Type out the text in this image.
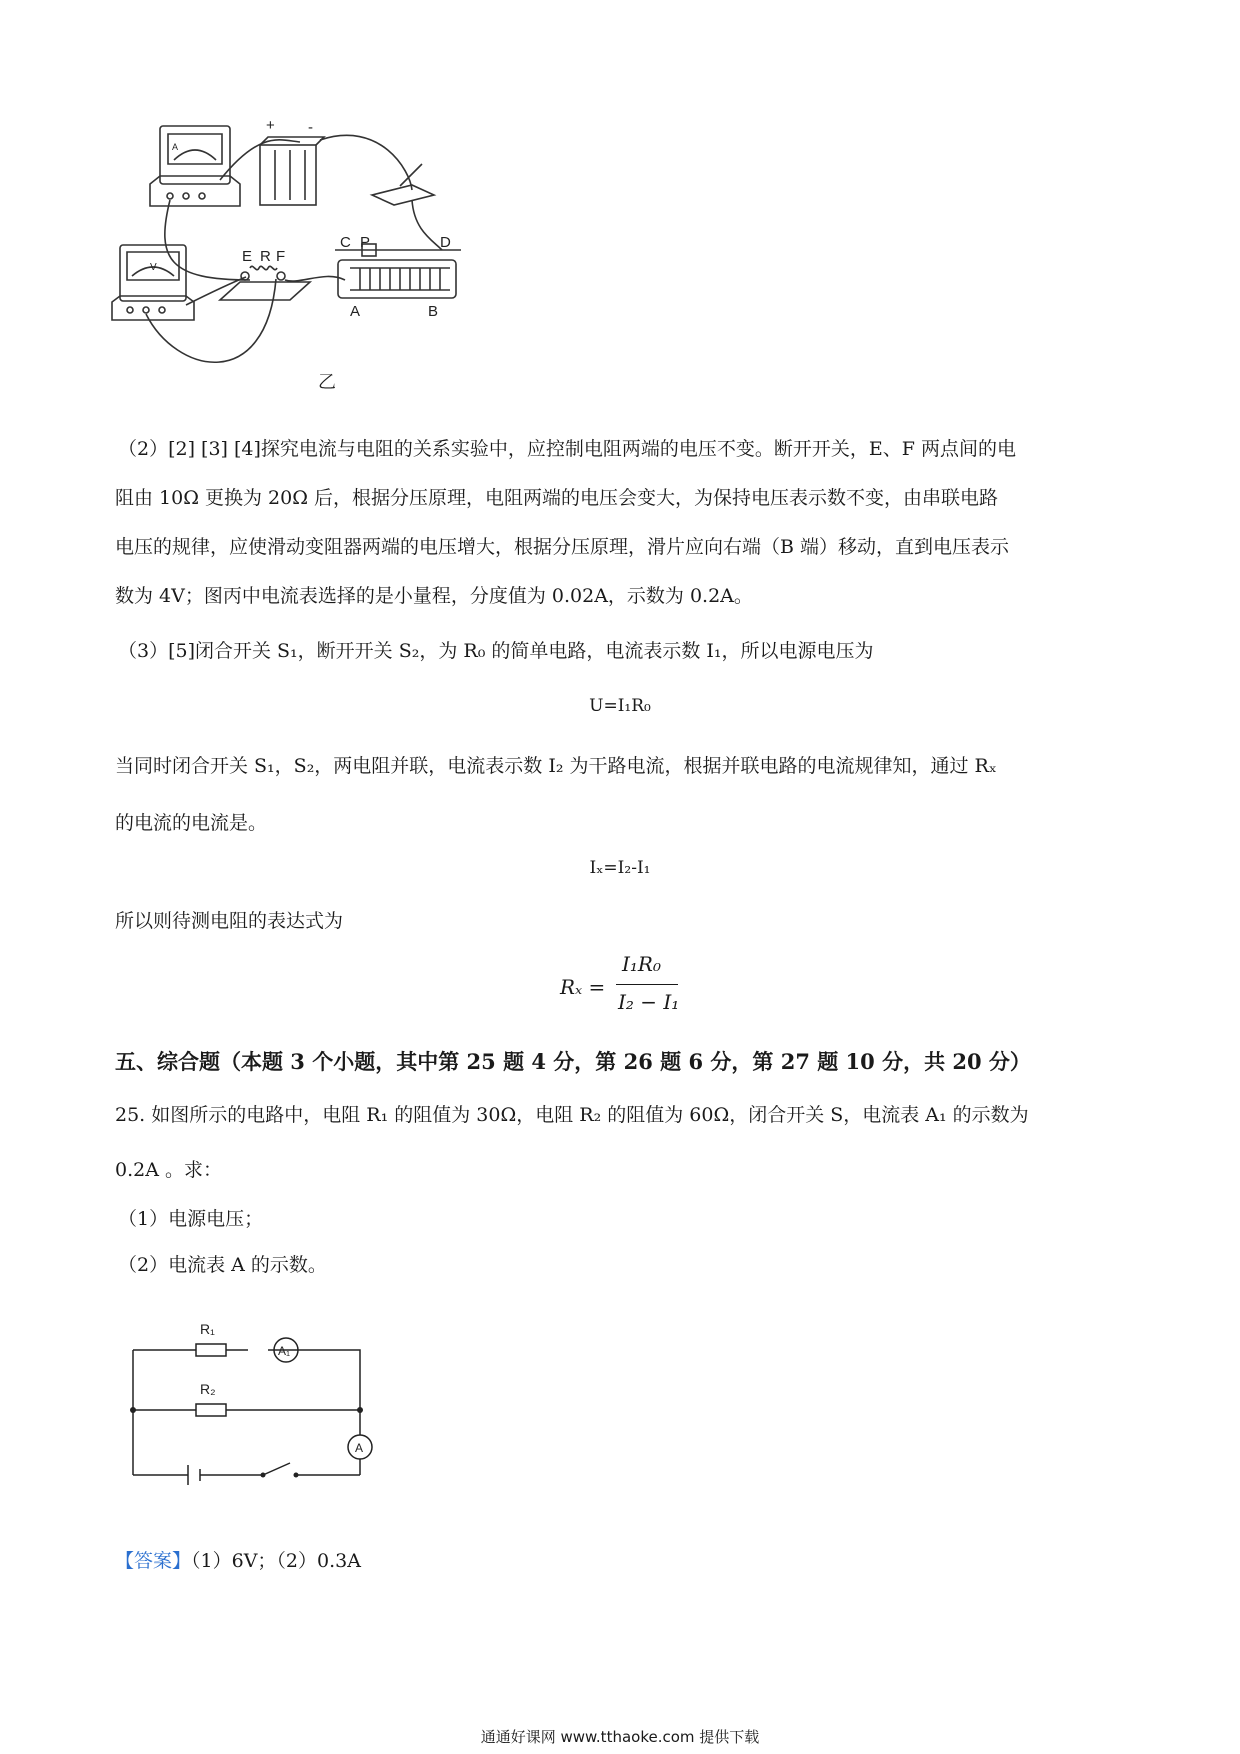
A
V
+ -
E R F
C P	D
A	B
乙
（2）[2] [3] [4]探究电流与电阻的关系实验中，应控制电阻两端的电压不变。断开开关，E、F 两点间的电
阻由 10Ω 更换为 20Ω 后，根据分压原理，电阻两端的电压会变大，为保持电压表示数不变，由串联电路
电压的规律，应使滑动变阻器两端的电压增大，根据分压原理，滑片应向右端（B 端）移动，直到电压表示
数为 4V；图丙中电流表选择的是小量程，分度值为 0.02A，示数为 0.2A。
（3）[5]闭合开关 S₁，断开开关 S₂，为 R₀ 的简单电路，电流表示数 I₁，所以电源电压为
U=I₁R₀
当同时闭合开关 S₁，S₂，两电阻并联，电流表示数 I₂ 为干路电流，根据并联电路的电流规律知，通过 Rₓ
的电流的电流是。
Iₓ=I₂-I₁
所以则待测电阻的表达式为
Rₓ =
I₁R₀
I₂ − I₁
五、综合题（本题 3 个小题，其中第 25 题 4 分，第 26 题 6 分，第 27 题 10 分，共 20 分）
25. 如图所示的电路中，电阻 R₁ 的阻值为 30Ω，电阻 R₂ 的阻值为 60Ω，闭合开关 S，电流表 A₁ 的示数为
0.2A 。求：
（1）电源电压；
（2）电流表 A 的示数。
R₁
R₂
A₁
A
【答案】（1）6V；（2）0.3A
通通好课网 www.tthaoke.com 提供下载
